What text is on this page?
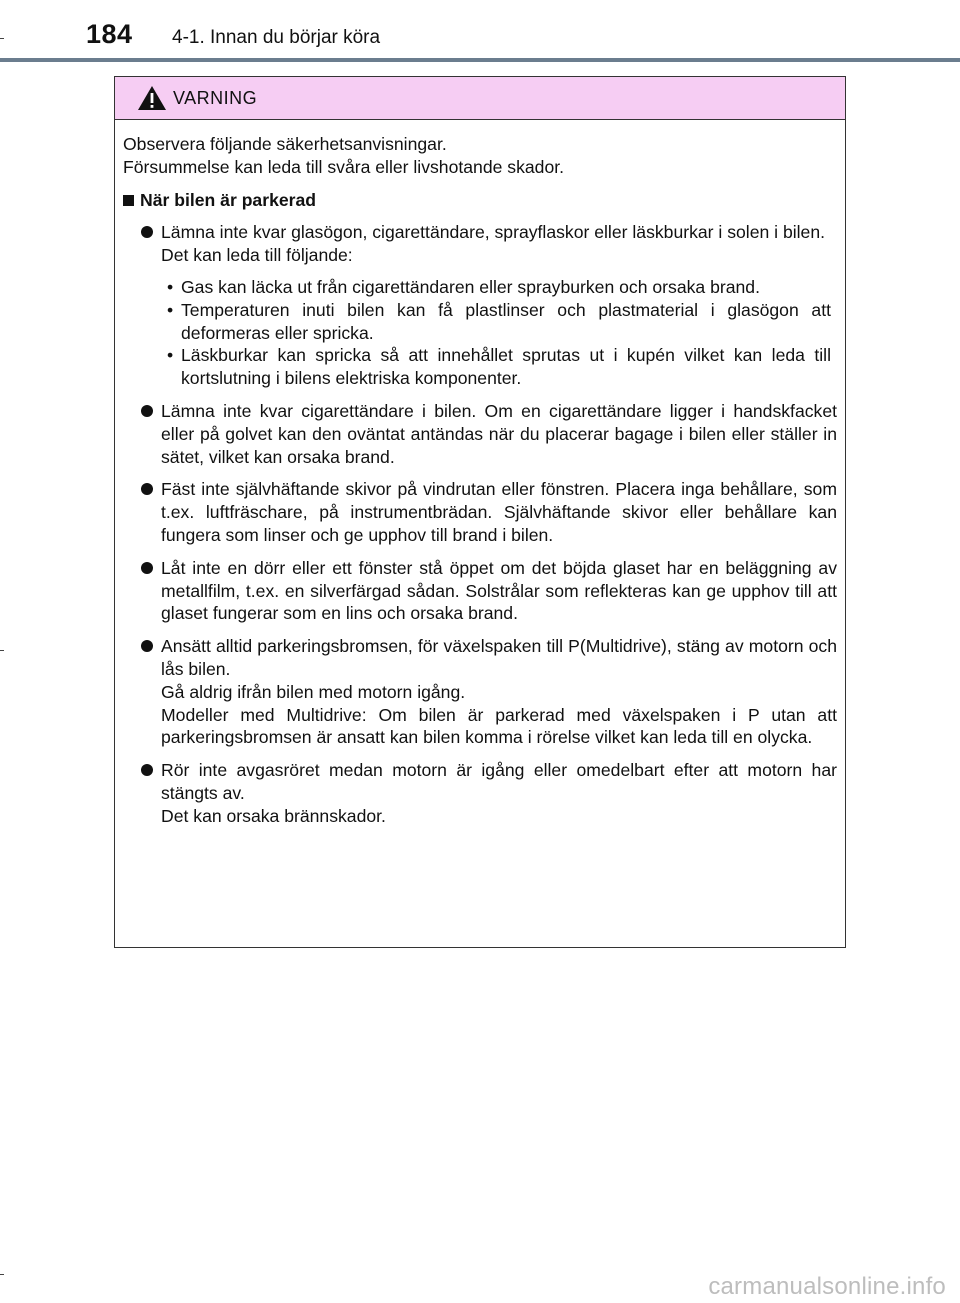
184 4-1. Innan du börjar köra
VARNING

Observera följande säkerhetsanvisningar.

Försummelse kan leda till svåra eller livshotande skador.

När bilen är parkerad

Lämna inte kvar glasögon, cigarettändare, sprayflaskor eller läskburkar i solen i bilen.

Det kan leda till följande:

• Gas kan läcka ut från cigarettändaren eller sprayburken och orsaka brand.
• Temperaturen inuti bilen kan få plastlinser och plastmaterial i glasögon att deformeras eller spricka.
• Läskburkar kan spricka så att innehållet sprutas ut i kupén vilket kan leda till kortslutning i bilens elektriska komponenter.

Lämna inte kvar cigarettändare i bilen. Om en cigarettändare ligger i handskfacket eller på golvet kan den oväntat antändas när du placerar bagage i bilen eller ställer in sätet, vilket kan orsaka brand.

Fäst inte självhäftande skivor på vindrutan eller fönstren. Placera inga behållare, som t.ex. luftfräschare, på instrumentbrädan. Självhäftande skivor eller behållare kan fungera som linser och ge upphov till brand i bilen.

Låt inte en dörr eller ett fönster stå öppet om det böjda glaset har en beläggning av metallfilm, t.ex. en silverfärgad sådan. Solstrålar som reflekteras kan ge upphov till att glaset fungerar som en lins och orsaka brand.

Ansätt alltid parkeringsbromsen, för växelspaken till P(Multidrive), stäng av motorn och lås bilen.

Gå aldrig ifrån bilen med motorn igång.

Modeller med Multidrive: Om bilen är parkerad med växelspaken i P utan att parkeringsbromsen är ansatt kan bilen komma i rörelse vilket kan leda till en olycka.

Rör inte avgasröret medan motorn är igång eller omedelbart efter att motorn har stängts av.

Det kan orsaka brännskador.

carmanualsonline.info
